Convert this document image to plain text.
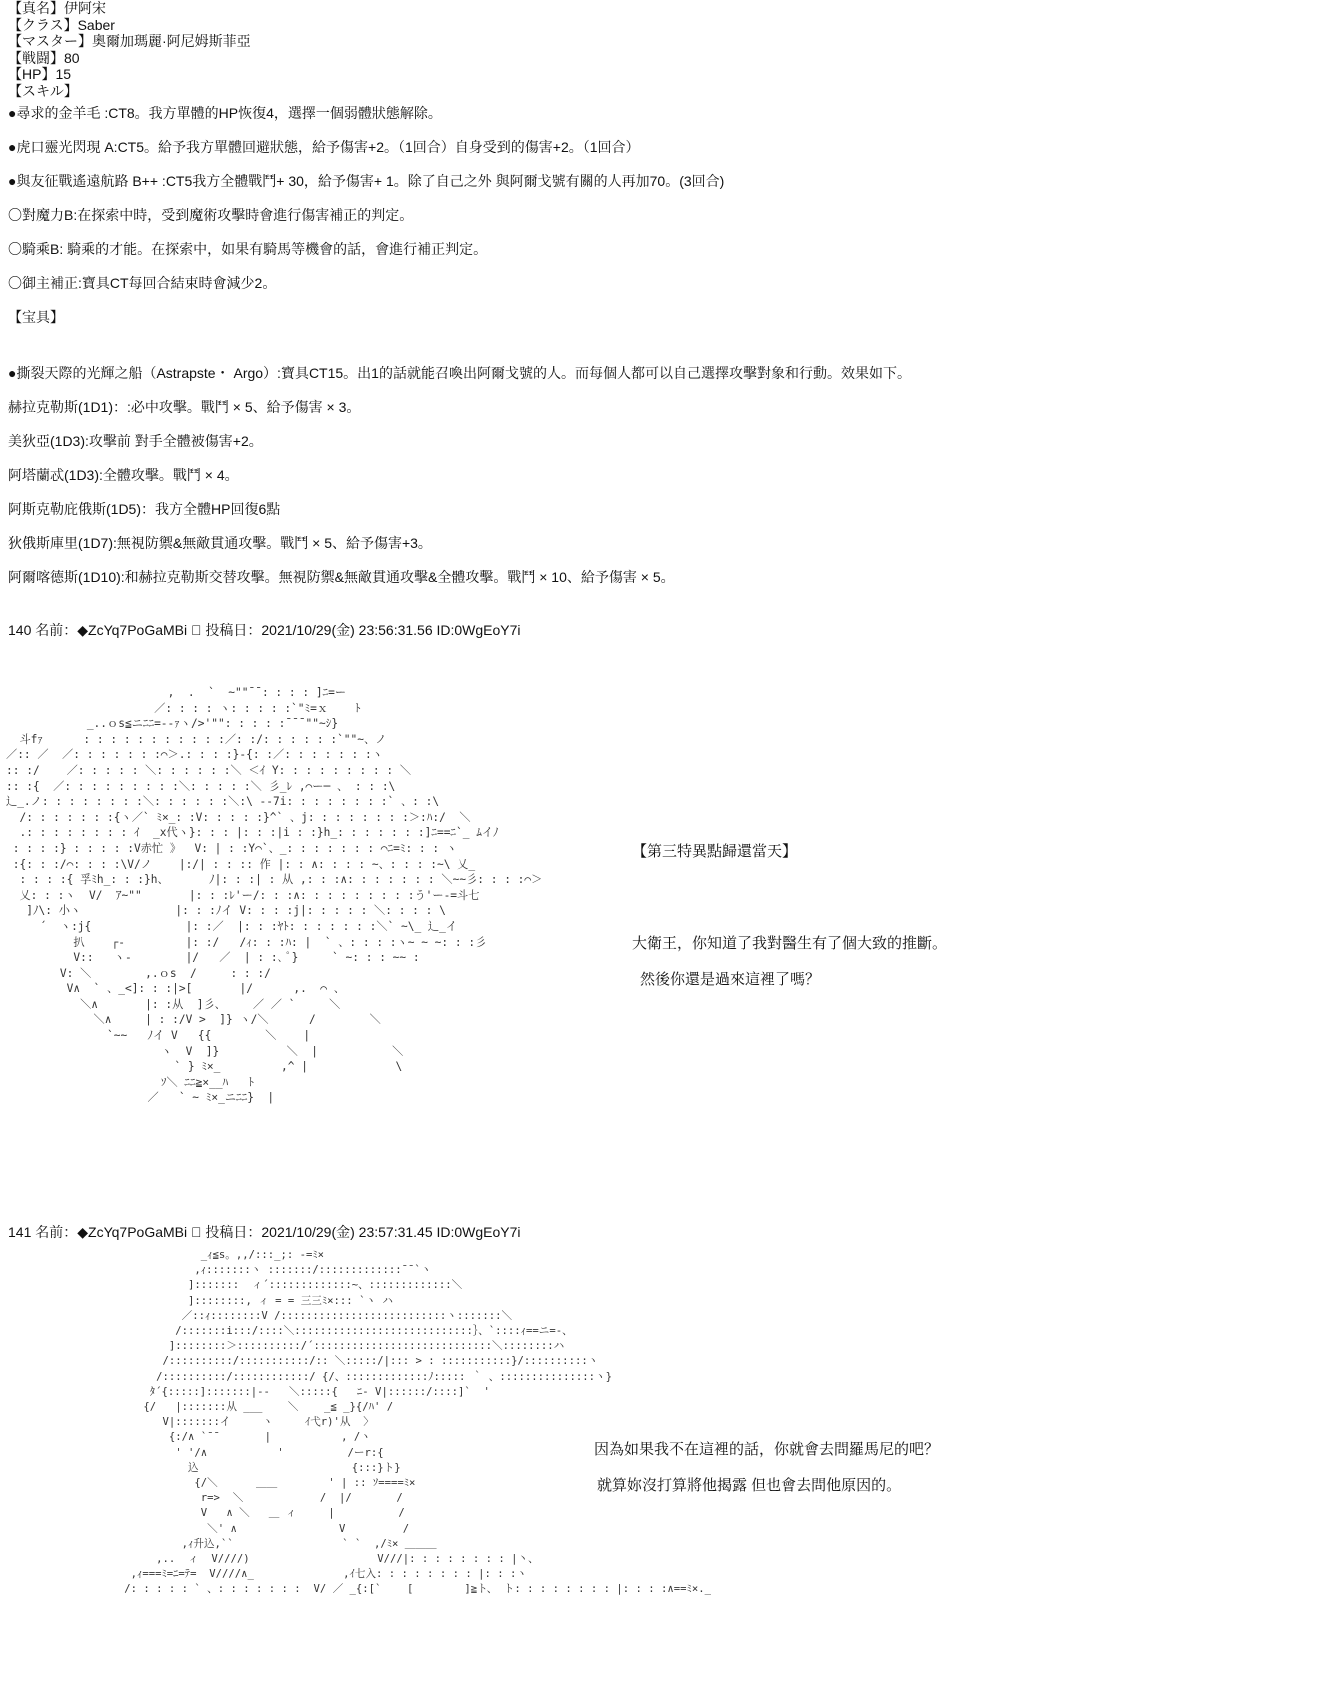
【真名】伊阿宋
【クラス】Saber
【マスター】奧爾加瑪麗·阿尼姆斯菲亞
【戦闘】80
【HP】15
【スキル】
●尋求的金羊毛 :CT8。我方單體的HP恢復4，選擇一個弱體狀態解除。
●虎口靈光閃現 A:CT5。給予我方單體回避狀態，給予傷害+2。（1回合）自身受到的傷害+2。（1回合）
●與友征戰遙遠航路 B++ :CT5我方全體戰鬥+ 30，給予傷害+ 1。除了自己之外 與阿爾戈號有關的人再加70。(3回合)
〇對魔力B:在探索中時，受到魔術攻擊時會進行傷害補正的判定。
〇騎乘B: 騎乘的才能。在探索中，如果有騎馬等機會的話，會進行補正判定。
〇御主補正:寶具CT每回合結束時會減少2。
【宝具】
●撕裂天際的光輝之船（Astrapste・ Argo）:寶具CT15。出1的話就能召喚出阿爾戈號的人。而每個人都可以自己選擇攻擊對象和行動。效果如下。
赫拉克勒斯(1D1)：:必中攻擊。戰鬥 × 5、給予傷害 × 3。
美狄亞(1D3):攻擊前 對手全體被傷害+2。
阿塔蘭忒(1D3):全體攻擊。戰鬥 × 4。
阿斯克勒庇俄斯(1D5)：我方全體HP回復6點
狄俄斯庫里(1D7):無視防禦&無敵貫通攻擊。戰鬥 × 5、給予傷害+3。
阿爾喀德斯(1D10):和赫拉克勒斯交替攻擊。無視防禦&無敵貫通攻擊&全體攻擊。戰鬥 × 10、給予傷害 × 5。
140 名前：◆ZcYq7PoGaMBi ⃞ 投稿日：2021/10/29(金) 23:56:31.56 ID:0WgEoY7i
,  .  `  ~""¯¯: : : : ]ﾆ=ー
／: : : : ヽ: : : : :`"ﾐ=ｘ    ﾄ
_..ｏs≦ニﾆﾆ=-‐ｧヽ/>'"": : : : :¯¯¯""~ｼ}
斗fｧ      : : : : : : : : : : :／: :/: : : : : :`""~、ノ
／:: ／  ／: : : : : : :⌒＞.: : : :}-{: :／: : : : : : :ヽ
:: :/    ／: : : : : ＼: : : : : :＼ ＜ｲ Y: : : : : : : : : ＼
:: :{  ／: : : : : : : : :＼: : : : :＼ 彡_ﾚ ,⌒ー─ 、 : : :\
辶_.ノ: : : : : : : :＼: : : : : :＼:\ --7i: : : : : : : :` 、: :\
/: : : : : : :{ヽ／` ﾐ×_: :V: : : : :}^` 、j: : : : : : : :＞:ﾊ:/  ＼
.: : : : : : : : ｲ  _x代ヽ}: : : |: : :|i : :}h_: : : : : : :]ﾆ==ﾆ`_ ﾑイﾉ
: : : :} : : : : :V赤忙 》  V: | : :Y⌒`、_: : : : : : : ⌒ﾆ=ﾐ: : : ヽ
:{: : :/⌒: : : :\V/ノ    |:/| : : :: 作 |: : ∧: : : : ~、: : : :~\ 乂_
: : : :{ 孚ﾐh_: : :}h、      ﾉ|: : :| : 从 ,: : :∧: : : : : : : ＼~~彡: : : :⌒＞
乂: : :ヽ  V/  ｱ~""       |: : :ﾚ'ー/: : :∧: : : : : : : : :う'ー‐=斗七
]ﾉ\: 小ヽ              |: : :ﾉイ V: : : :j|: : : : : ＼: : : : \
´  ヽ:j{              |: :／  |: : :ﾔﾄ: : : : : : :＼` ~\_ 辶_イ
扒    ┌-         |: :/   /ｨ: : :ﾊ: |  ` 、: : : :ヽ~ ~ ~: : :彡
V::   ヽ-        |/   ／  | : :､ ﾟ}     ` ~: : : ~~ :
V: ＼        ,.ｏs  /     : : :/
V∧  ` 、_<]: : :|>[       |/      ,.  ⌒ 、
＼∧       |: :从  ]彡、    ／ ／ `     ＼
＼∧     | : :/V >  ]} ヽ/＼      /        ＼
`~~   ﾉイ V   {{        ＼    |
ヽ  V  ]}          ＼  |           ＼
` } ﾐ×_         ,^ |             \
ｿ＼ ﾆﾆ≧×__ﾊ   ﾄ
／   ` ~ ﾐ×_ニﾆﾆ}  |
【第三特異點歸還當天】
大衛王，你知道了我對醫生有了個大致的推斷。
然後你還是過來這裡了嗎？
141 名前：◆ZcYq7PoGaMBi ⃞ 投稿日：2021/10/29(金) 23:57:31.45 ID:0WgEoY7i
_ｨ≦s。,,/:::_;: -=ﾐ×
,ｨ:::::::ヽ :::::::/:::::::::::::¯¯`ヽ
]:::::::  ィ´:::::::::::::~、:::::::::::::＼
]::::::::, ィ = = 三三ﾐ×::: `ヽ ハ
／::ｨ::::::::V /::::::::::::::::::::::::::ヽ:::::::＼
/:::::::i:::/::::＼::::::::::::::::::::::::::::｝、`::::ｨ==ニ=-、
]::::::::＞::::::::::/´::::::::::::::::::::::::::::＼::::::::ハ
/::::::::::/:::::::::::/:: ＼:::::/|::: > : :::::::::::}/::::::::::ヽ
/::::::::::/::::::::::::/ {/、:::::::::::::ﾉ::::: ｀ 、:::::::::::::::ヽ}
ﾀ´{:::::]:::::::|-‐   ＼:::::{   ﾆ‐ V|::::::/::::]`  '
{/   |:::::::从 ___    ＼    _≦ _}{/ﾊ' /
V|:::::::イ     ヽ     ｲ弋r)'从  〉
{:/∧ `¯¯       |           , /ヽ
' '/∧           '          /ーr:{
込                        {:::}ト}
{/＼      ＿＿        ' | :: ｿ====ﾐ×
r=>  ＼            /  |/       /
V   ∧ ＼   ＿ ィ     |          /
＼' ∧                V         /
,ｨ升込,``                 ` `  ,/ﾐ× ＿＿＿
,..  ィ  V////)                    V///|: : : : : : : : |丶、
,ｨ===ﾐ=ﾆ=ﾃ=  V////∧_              ,ｲ七入: : : : : : : : |: : :ヽ
/: : : : : ` 、: : : : : : :  V/ ／ _{:[`    [        ]≧ト、 ト: : : : : : : : |: : : :∧==ﾐ×._
因為如果我不在這裡的話，你就會去問羅馬尼的吧？
就算妳沒打算將他揭露 但也會去問他原因的。
